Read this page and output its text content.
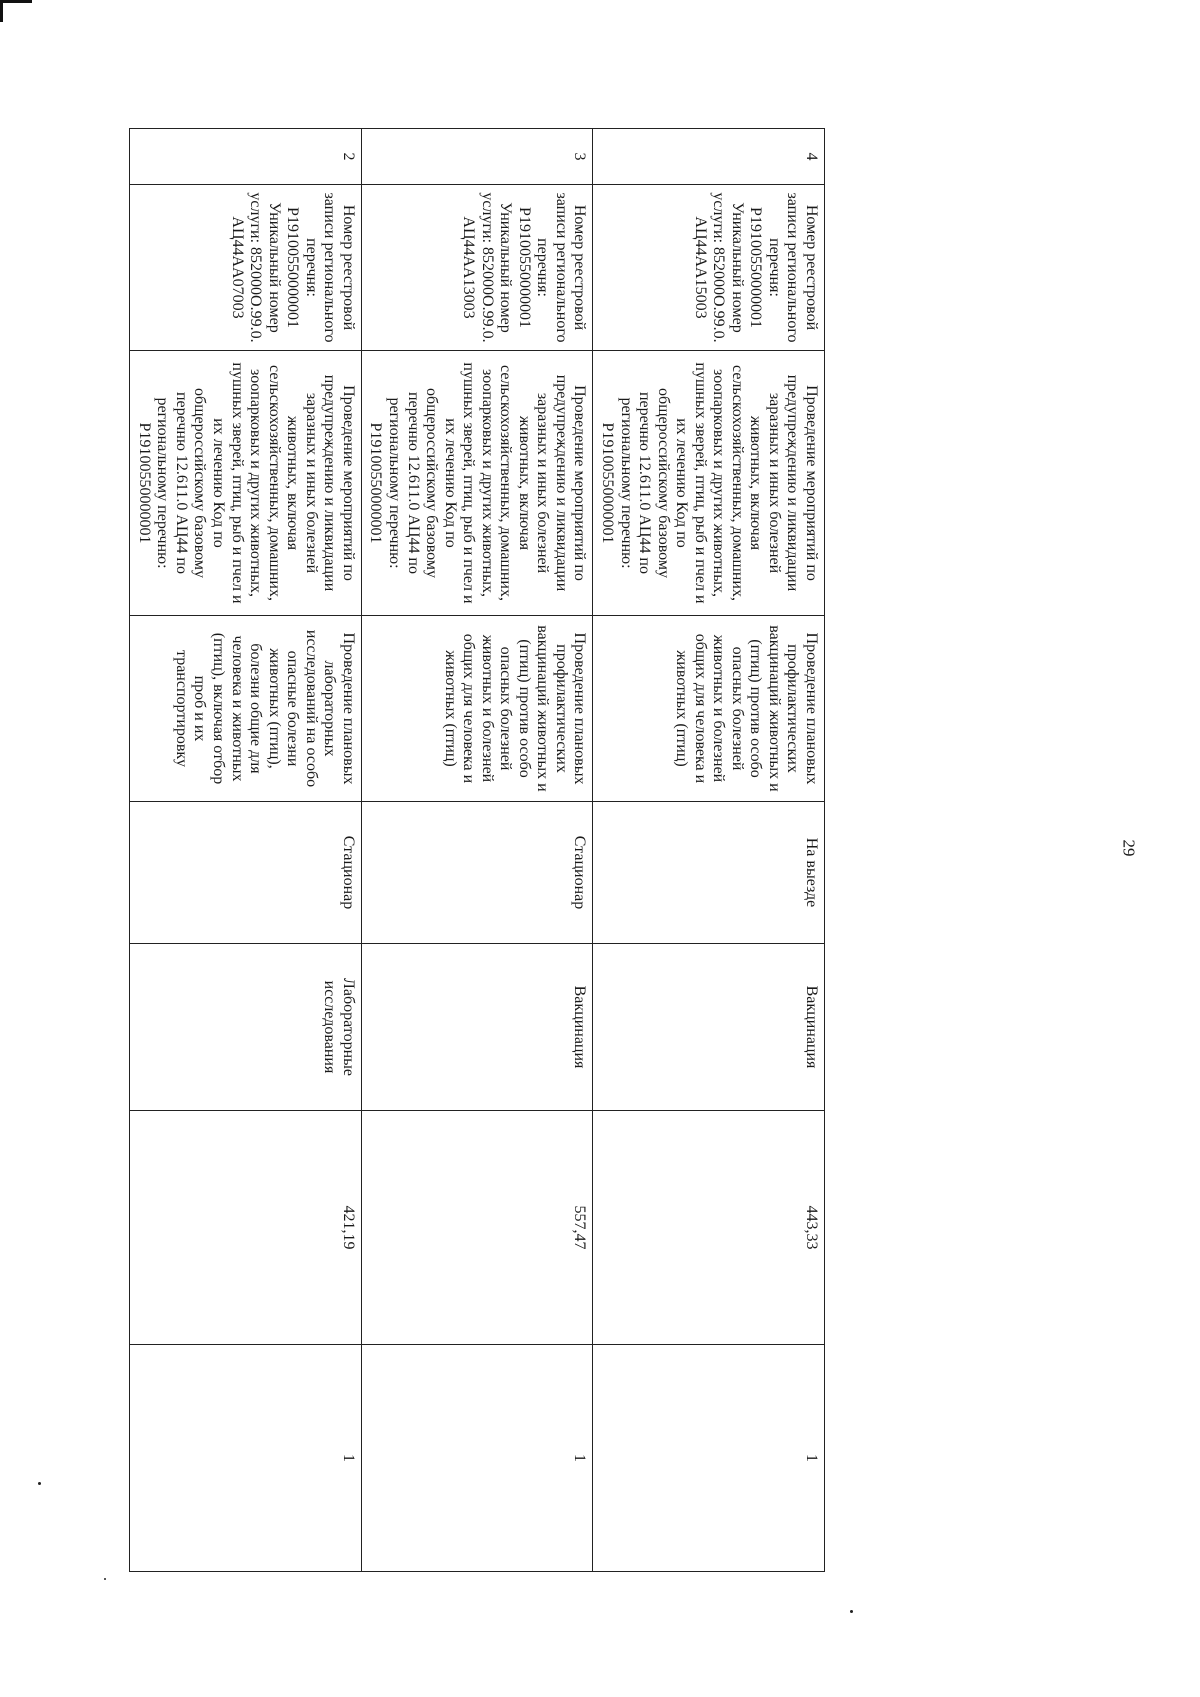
29
4	Номер реестровой записи регионального перечня: Р19100550000001 Уникальный номер услуги: 852000О.99.0. АЦ44АА15003	Проведение мероприятий по предупреждению и ликвидации заразных и иных болезней животных, включая сельскохозяйственных, домашних, зоопарковых и других животных, пушных зверей, птиц, рыб и пчел и их лечению Код по общероссийскому базовому перечню 12.611.0 АЦ44 по региональному перечню: Р19100550000001	Проведение плановых профилактических вакцинаций животных и (птиц) против особо опасных болезней животных и болезней общих для человека и животных (птиц)	На выезде	Вакцинация	443,33	1
3	Номер реестровой записи регионального перечня: Р19100550000001 Уникальный номер услуги: 852000О.99.0. АЦ44АА13003	Проведение мероприятий по предупреждению и ликвидации заразных и иных болезней животных, включая сельскохозяйственных, домашних, зоопарковых и других животных, пушных зверей, птиц, рыб и пчел и их лечению Код по общероссийскому базовому перечню 12.611.0 АЦ44 по региональному перечню: Р19100550000001	Проведение плановых профилактических вакцинаций животных и (птиц) против особо опасных болезней животных и болезней общих для человека и животных (птиц)	Стационар	Вакцинация	557,47	1
2	Номер реестровой записи регионального перечня: Р19100550000001 Уникальный номер услуги: 852000О.99.0. АЦ44АА07003	Проведение мероприятий по предупреждению и ликвидации заразных и иных болезней животных, включая сельскохозяйственных, домашних, зоопарковых и других животных, пушных зверей, птиц, рыб и пчел и их лечению Код по общероссийскому базовому перечню 12.611.0 АЦ44 по региональному перечню: Р19100550000001	Проведение плановых лабораторных исследований на особо опасные болезни животных (птиц), болезни общие для человека и животных (птиц), включая отбор проб и их транспортировку	Стационар	Лабораторные исследования	421,19	1
